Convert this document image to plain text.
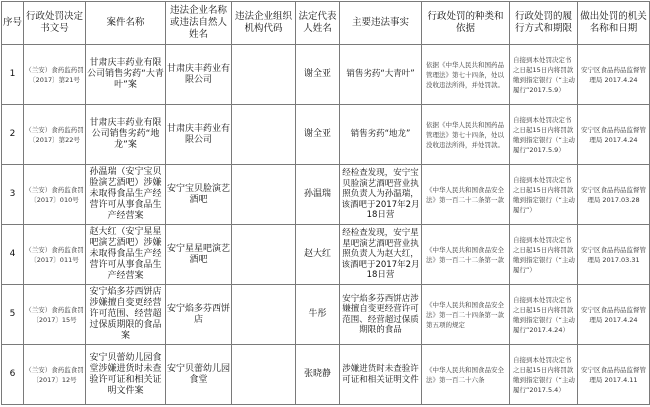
序号	行政处罚决定书文号	案件名称	违法企业名称或违法自然人姓名	违法企业组织机构代码	法定代表人姓名	主要违法事实	行政处罚的种类和依据	行政处罚的履行方式和期限	做出处罚的机关名称和日期
1	（兰安）食药监药罚〔2017〕第21号	甘肃庆丰药业有限公司销售劣药“大青叶”案	甘肃庆丰药业有限公司		谢全亚	销售劣药“大青叶”	依据《中华人民共和国药品管理法》第七十四条，处以没收违法所得，并处罚款。	自接到本处罚决定书之日起15日内将罚款缴到指定银行（“主动履行”2017.5.9）	安宁区食品药品监督管理局 2017.4.24
2	（兰安）食药监药罚〔2017〕第22号	甘肃庆丰药业有限公司销售劣药“地龙”案	甘肃庆丰药业有限公司		谢全亚	销售劣药“地龙”	依据《中华人民共和国药品管理法》第七十四条，处以没收违法所得，并处罚款。	自接到本处罚决定书之日起15日内将罚款缴到指定银行（“主动履行”2017.5.9）	安宁区食品药品监督管理局 2017.4.24
3	（兰安）食药监食罚〔2017〕010号	孙温瑞（安宁宝贝脸演艺酒吧）涉嫌未取得食品生产经营许可从事食品生产经营案	安宁宝贝脸演艺酒吧		孙温瑞	经检查发现，安宁宝贝脸演艺酒吧营业执照负责人为孙温瑞，该酒吧于2017年2月18日营	《中华人民共和国食品安全法》第一百二十二条第一款	自接到本处罚决定书之日起15日内将罚款缴到指定银行（“主动履行”）	安宁区食品药品监督管理局 2017.03.28
4	（兰安）食药监食罚〔2017〕011号	赵大红（安宁星星吧演艺酒吧）涉嫌未取得食品生产经营许可从事食品生产经营案	安宁星星吧演艺酒吧		赵大红	经检查发现，安宁星星吧演艺酒吧营业执照负责人为赵大红，该酒吧于2017年2月18日营	《中华人民共和国食品安全法》第一百二十二条第一款	自接到本处罚决定书之日起15日内将罚款缴到指定银行（“主动履行”）	安宁区食品药品监督管理局 2017.03.31
5	（兰安）食药监食罚〔2017〕15号	安宁焰多芬西饼店涉嫌擅自变更经营许可范围、经营超过保质期限的食品案	安宁焰多芬西饼店		牛彤	安宁焰多芬西饼店涉嫌擅自变更经营许可范围、经营超过保质期限的食品	《中华人民共和国食品安全法》第一百二十四条第一款第五项的规定	自接到本处罚决定书之日起15日内将罚款缴到指定银行（“主动履行”2017.4.24）	安宁区食品药品监督管理局 2017.4.24
6	（兰安）食药监食罚〔2017〕12号	安宁贝蕾幼儿园食堂涉嫌进货时未查验许可证和相关证明文件案	安宁贝蕾幼儿园食堂		张晓静	涉嫌进货时未查验许可证和相关证明文件	《中华人民共和国食品安全法》第一百二十六条	自接到本处罚决定书之日起15日内将罚款缴到指定银行（“主动履行”2017.5.4）	安宁区食品药品监督管理局 2017.4.11
